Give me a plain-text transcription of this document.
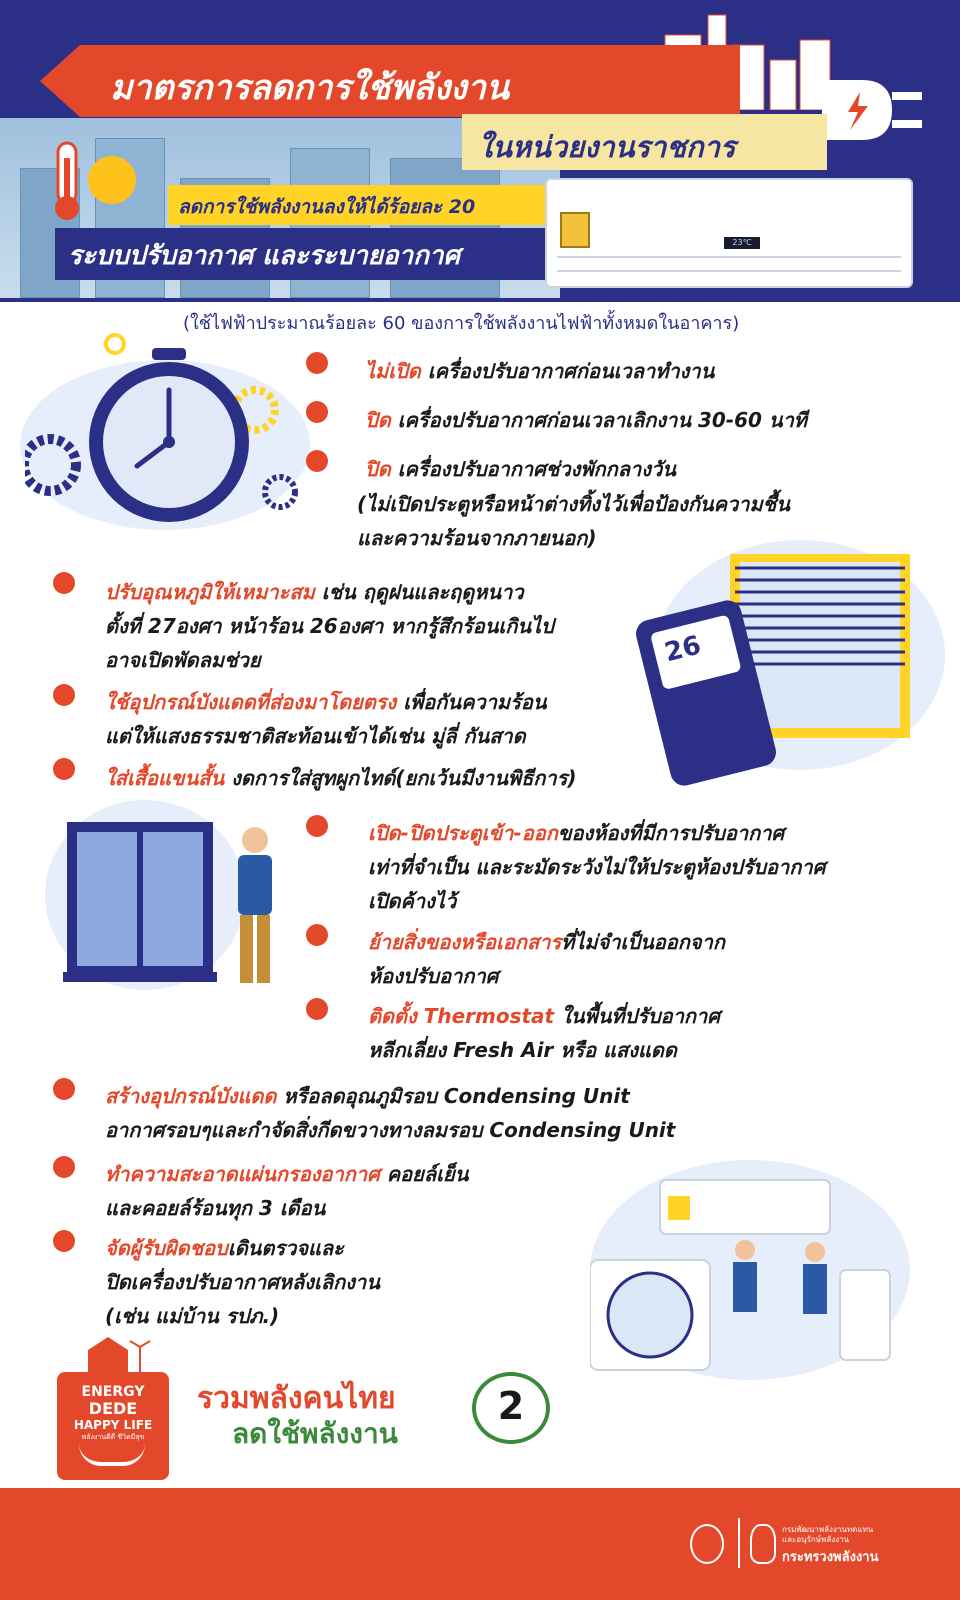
มาตรการลดการใช้พลังงาน
ในหน่วยงานราชการ
ลดการใช้พลังงานลงให้ได้ร้อยละ 20
ระบบปรับอากาศ และระบายอากาศ	23℃
(ใช้ไฟฟ้าประมาณร้อยละ 60 ของการใช้พลังงานไฟฟ้าทั้งหมดในอาคาร)
26
ไม่เปิด เครื่องปรับอากาศก่อนเวลาทำงาน
ปิด เครื่องปรับอากาศก่อนเวลาเลิกงาน 30-60 นาที
ปิด เครื่องปรับอากาศช่วงพักกลางวัน
(ไม่เปิดประตูหรือหน้าต่างทิ้งไว้เพื่อป้องกันความชื้น
และความร้อนจากภายนอก)
ปรับอุณหภูมิให้เหมาะสม เช่น ฤดูฝนและฤดูหนาว
ตั้งที่ 27องศา หน้าร้อน 26องศา หากรู้สึกร้อนเกินไป
อาจเปิดพัดลมช่วย
ใช้อุปกรณ์บังแดดที่ส่องมาโดยตรง เพื่อกันความร้อน
แต่ให้แสงธรรมชาติสะท้อนเข้าได้เช่น มู่ลี่ กันสาด
ใส่เสื้อแขนสั้น งดการใส่สูทผูกไทด์(ยกเว้นมีงานพิธีการ)
เปิด-ปิดประตูเข้า-ออกของห้องที่มีการปรับอากาศ
เท่าที่จำเป็น และระมัดระวังไม่ให้ประตูห้องปรับอากาศ
เปิดค้างไว้
ย้ายสิ่งของหรือเอกสารที่ไม่จำเป็นออกจาก
ห้องปรับอากาศ
ติดตั้ง Thermostat ในพื้นที่ปรับอากาศ
หลีกเลี่ยง Fresh Air หรือ แสงแดด
สร้างอุปกรณ์บังแดด หรือลดอุณภูมิรอบ Condensing Unit
อากาศรอบๆและกำจัดสิ่งกีดขวางทางลมรอบ Condensing Unit
ทำความสะอาดแผ่นกรองอากาศ คอยล์เย็น
และคอยล์ร้อนทุก 3 เดือน
จัดผู้รับผิดชอบเดินตรวจและ
ปิดเครื่องปรับอากาศหลังเลิกงาน
(เช่น แม่บ้าน รปภ.)
ENERGY
DEDE
HAPPY LIFE
พลังงานดีดี ชีวิตมีสุข
รวมพลังคนไทย
ลดใช้พลังงาน
2
กรมพัฒนาพลังงานทดแทน
และอนุรักษ์พลังงาน
กระทรวงพลังงาน
